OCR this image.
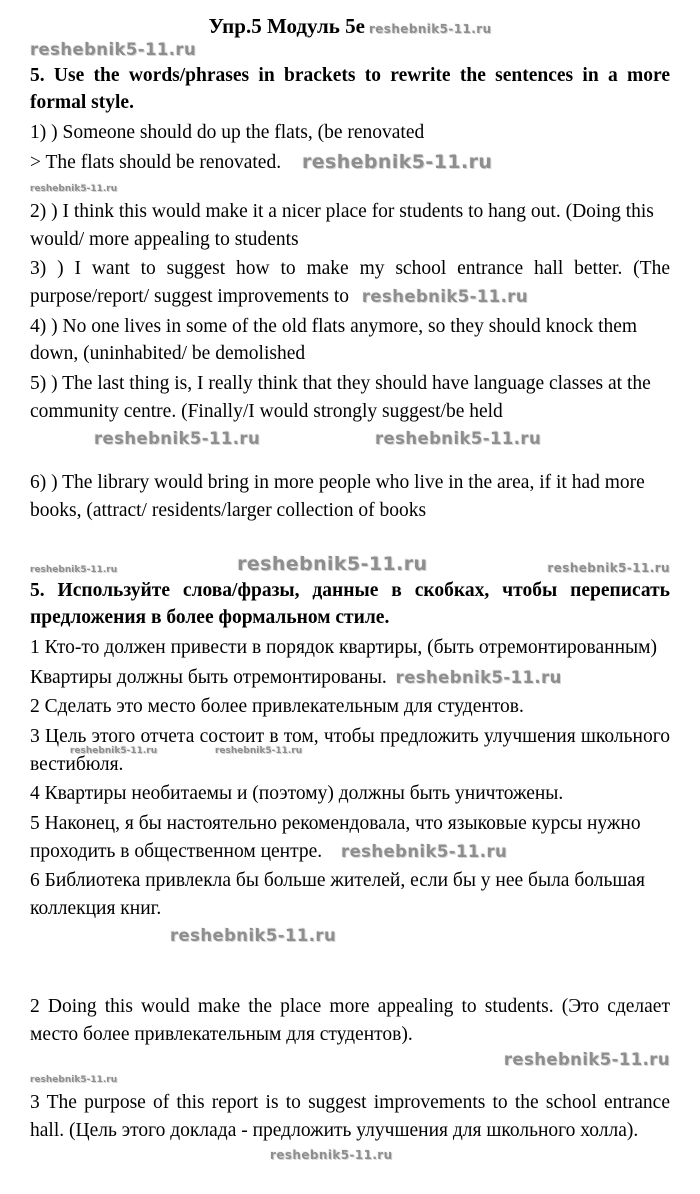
Упр.5 Модуль 5e reshebnik5-11.ru
reshebnik5-11.ru

5. Use the words/phrases in brackets to rewrite the sentences in a more formal style.

1) ) Someone should do up the flats, (be renovated

> The flats should be renovated. reshebnik5-11.ru

reshebnik5-11.ru

2) ) I think this would make it a nicer place for students to hang out. (Doing this would/ more appealing to students

3) ) I want to suggest how to make my school entrance hall better. (The purpose/report/ suggest improvements to reshebnik5-11.ru

4) ) No one lives in some of the old flats anymore, so they should knock them down, (uninhabited/ be demolished

5) ) The last thing is, I really think that they should have language classes at the community centre. (Finally/I would strongly suggest/be held reshebnik5-11.ru	reshebnik5-11.ru

6) ) The library would bring in more people who live in the area, if it had more books, (attract/ residents/larger collection of books

reshebnik5-11.ru	reshebnik5-11.ru	reshebnik5-11.ru

5. Используйте слова/фразы, данные в скобках, чтобы переписать предложения в более формальном стиле.

1 Кто-то должен привести в порядок квартиры, (быть отремонтированным)

Квартиры должны быть отремонтированы. reshebnik5-11.ru

2 Сделать это место более привлекательным для студентов.

3 Цель этого отчета состоит в том, чтобы предложить улучшения школьного вестибюля.

reshebnik5-11.ru	reshebnik5-11.ru

4 Квартиры необитаемы и (поэтому) должны быть уничтожены.

5 Наконец, я бы настоятельно рекомендовала, что языковые курсы нужно проходить в общественном центре. reshebnik5-11.ru

6 Библиотека привлекла бы больше жителей, если бы у нее была большая коллекция книг.

reshebnik5-11.ru

2 Doing this would make the place more appealing to students. (Это сделает место более привлекательным для студентов).

reshebnik5-11.ru
reshebnik5-11.ru

3 The purpose of this report is to suggest improvements to the school entrance hall. (Цель этого доклада - предложить улучшения для школьного холла).

reshebnik5-11.ru
